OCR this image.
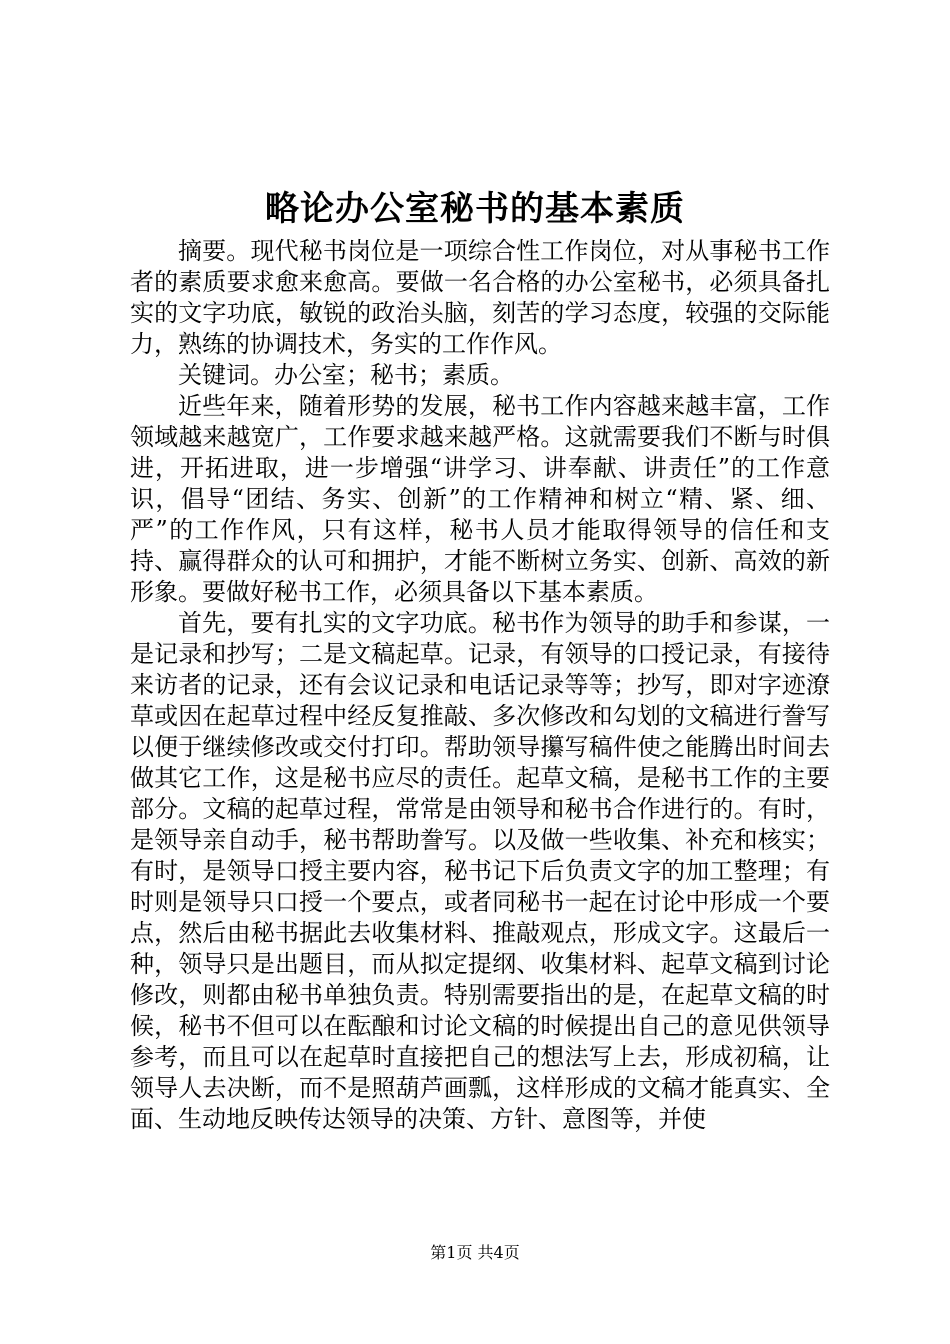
略论办公室秘书的基本素质

摘要。现代秘书岗位是一项综合性工作岗位，对从事秘书工作者的素质要求愈来愈高。要做一名合格的办公室秘书，必须具备扎实的文字功底，敏锐的政治头脑，刻苦的学习态度，较强的交际能力，熟练的协调技术，务实的工作作风。

关键词。办公室；秘书；素质。

近些年来，随着形势的发展，秘书工作内容越来越丰富，工作领域越来越宽广，工作要求越来越严格。这就需要我们不断与时俱进，开拓进取，进一步增强“讲学习、讲奉献、讲责任”的工作意识，倡导“团结、务实、创新”的工作精神和树立“精、紧、细、严”的工作作风，只有这样，秘书人员才能取得领导的信任和支持、赢得群众的认可和拥护，才能不断树立务实、创新、高效的新形象。要做好秘书工作，必须具备以下基本素质。

首先，要有扎实的文字功底。秘书作为领导的助手和参谋，一是记录和抄写；二是文稿起草。记录，有领导的口授记录，有接待来访者的记录，还有会议记录和电话记录等等；抄写，即对字迹潦草或因在起草过程中经反复推敲、多次修改和勾划的文稿进行誊写以便于继续修改或交付打印。帮助领导攥写稿件使之能腾出时间去做其它工作，这是秘书应尽的责任。起草文稿，是秘书工作的主要部分。文稿的起草过程，常常是由领导和秘书合作进行的。有时，是领导亲自动手，秘书帮助誊写。以及做一些收集、补充和核实；有时，是领导口授主要内容，秘书记下后负责文字的加工整理；有时则是领导只口授一个要点，或者同秘书一起在讨论中形成一个要点，然后由秘书据此去收集材料、推敲观点，形成文字。这最后一种，领导只是出题目，而从拟定提纲、收集材料、起草文稿到讨论修改，则都由秘书单独负责。特别需要指出的是，在起草文稿的时候，秘书不但可以在酝酿和讨论文稿的时候提出自己的意见供领导参考，而且可以在起草时直接把自己的想法写上去，形成初稿，让领导人去决断，而不是照葫芦画瓢，这样形成的文稿才能真实、全面、生动地反映传达领导的决策、方针、意图等，并使

第1页 共4页
